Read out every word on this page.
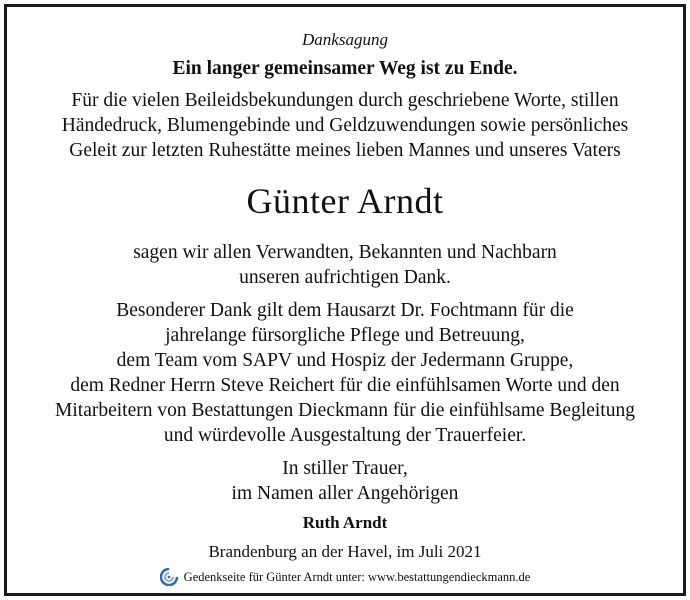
Danksagung
Ein langer gemeinsamer Weg ist zu Ende.
Für die vielen Beileidsbekundungen durch geschriebene Worte, stillen
Händedruck, Blumengebinde und Geldzuwendungen sowie persönliches
Geleit zur letzten Ruhestätte meines lieben Mannes und unseres Vaters
Günter Arndt
sagen wir allen Verwandten, Bekannten und Nachbarn
unseren aufrichtigen Dank.
Besonderer Dank gilt dem Hausarzt Dr. Fochtmann für die
jahrelange fürsorgliche Pflege und Betreuung,
dem Team vom SAPV und Hospiz der Jedermann Gruppe,
dem Redner Herrn Steve Reichert für die einfühlsamen Worte und den
Mitarbeitern von Bestattungen Dieckmann für die einfühlsame Begleitung
und würdevolle Ausgestaltung der Trauerfeier.
In stiller Trauer,
im Namen aller Angehörigen
Ruth Arndt
Brandenburg an der Havel, im Juli 2021
Gedenkseite für Günter Arndt unter: www.bestattungendieckmann.de
